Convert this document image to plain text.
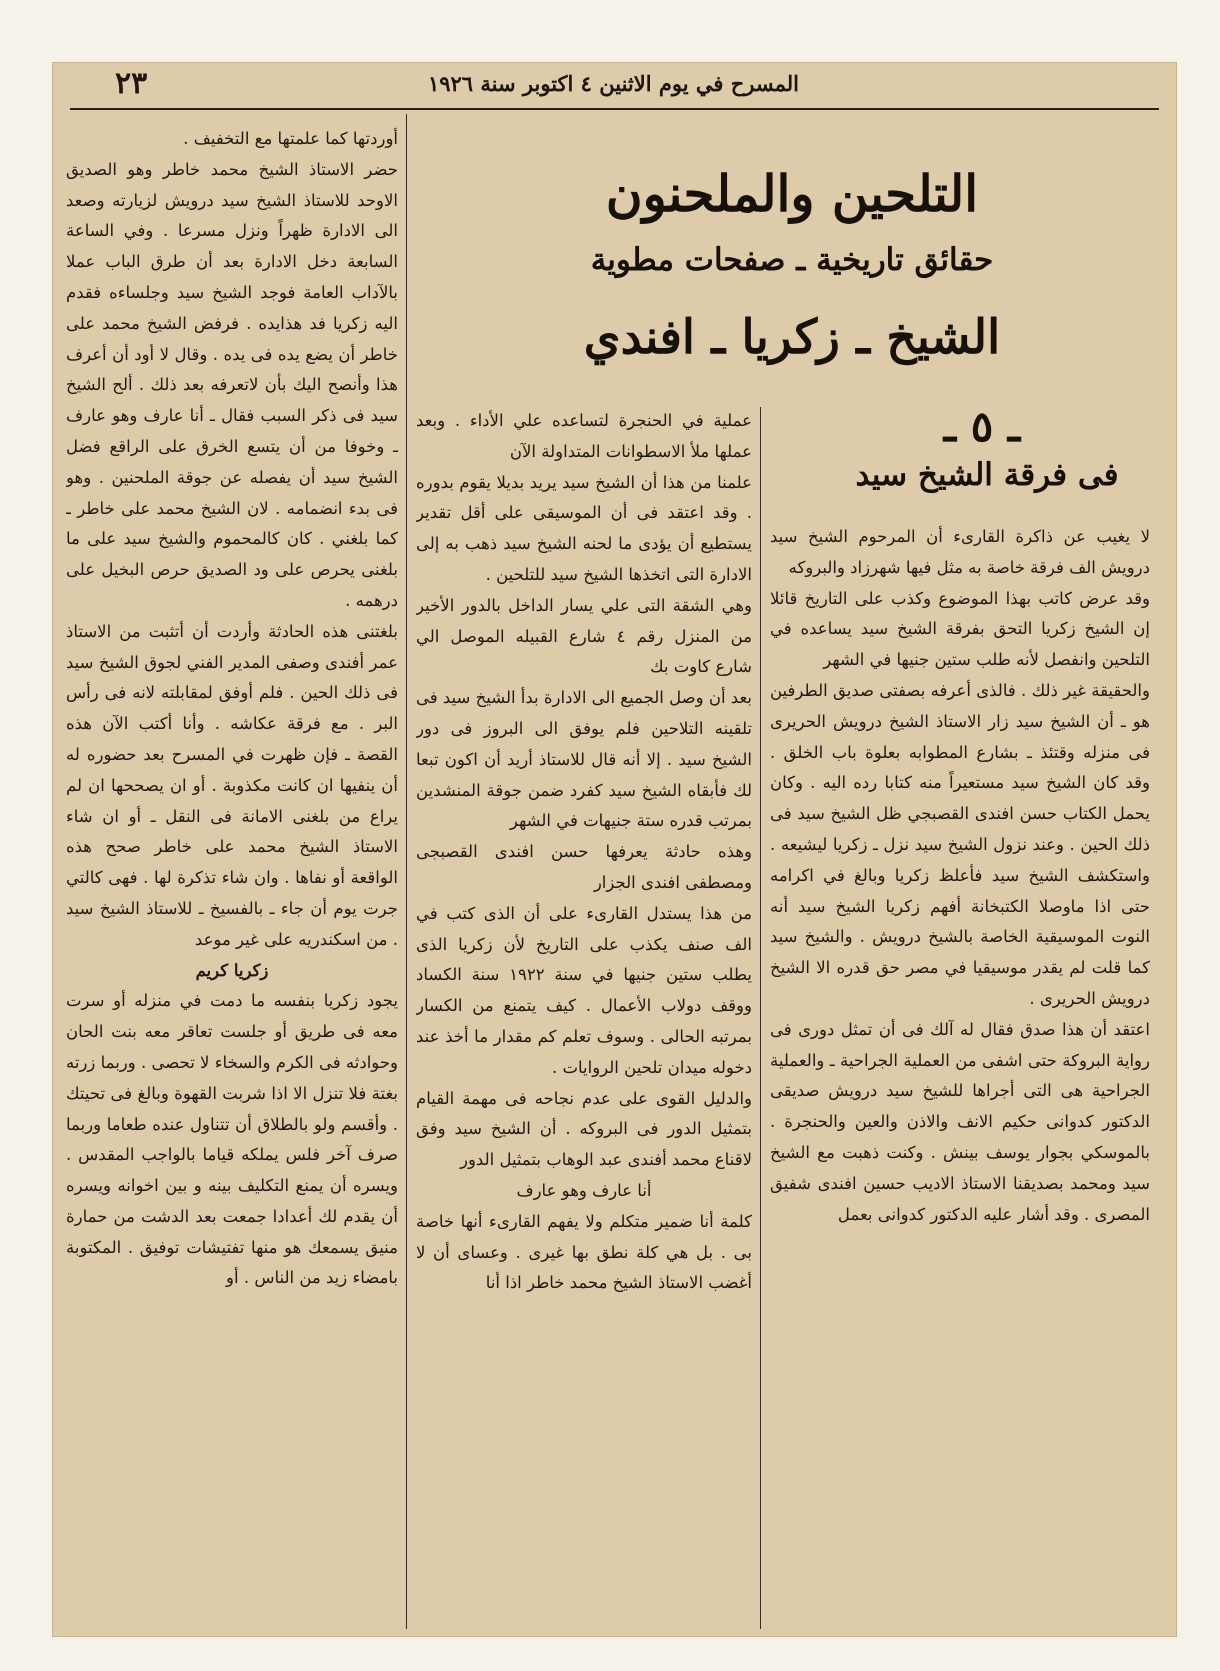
المسرح في يوم الاثنين ٤ اكتوبر سنة ١٩٢٦
٢٣
التلحين والملحنون
حقائق تاريخية ـ صفحات مطوية
الشيخ ـ زكريا ـ افندي
ـ ٥ ـ
فى فرقة الشيخ سيد

لا يغيب عن ذاكرة القارىء أن المرحوم الشيخ سيد درويش الف فرقة خاصة به مثل فيها شهرزاد والبروكه

وقد عرض كاتب بهذا الموضوع وكذب على التاريخ قائلا إن الشيخ زكريا التحق بفرقة الشيخ سيد يساعده في التلحين وانفصل لأنه طلب ستين جنيها في الشهر

والحقيقة غير ذلك . فالذى أعرفه بصفتى صديق الطرفين هو ـ أن الشيخ سيد زار الاستاذ الشيخ درويش الحريرى فى منزله وقتئذ ـ بشارع المطوابه بعلوة باب الخلق . وقد كان الشيخ سيد مستعيراً منه كتابا رده اليه . وكان يحمل الكتاب حسن افندى القصبجي ظل الشيخ سيد فى ذلك الحين . وعند نزول الشيخ سيد نزل ـ زكريا ليشيعه . واستكشف الشيخ سيد فأعلظ زكريا وبالغ في اكرامه حتى اذا ماوصلا الكتبخانة أفهم زكريا الشيخ سيد أنه النوت الموسيقية الخاصة بالشيخ درويش . والشيخ سيد كما قلت لم يقدر موسيقيا في مصر حق قدره الا الشيخ درويش الحريرى .

اعتقد أن هذا صدق فقال له آلك فى أن تمثل دورى فى رواية البروكة حتى اشفى من العملية الجراحية ـ والعملية الجراحية هى التى أجراها للشيخ سيد درويش صديقى الدكتور كدوانى حكيم الانف والاذن والعين والحنجرة . بالموسكي بجوار يوسف بينش . وكنت ذهبت مع الشيخ سيد ومحمد بصديقنا الاستاذ الاديب حسين افندى شفيق المصرى . وقد أشار عليه الدكتور كدوانى بعمل

عملية في الحنجرة لتساعده علي الأداء . وبعد عملها ملأ الاسطوانات المتداولة الآن

علمنا من هذا أن الشيخ سيد يريد بديلا يقوم بدوره . وقد اعتقد فى أن الموسيقى على أقل تقدير يستطيع أن يؤدى ما لحنه الشيخ سيد ذهب به إلى الادارة التى اتخذها الشيخ سيد للتلحين .

وهي الشقة التى علي يسار الداخل بالدور الأخير من المنزل رقم ٤ شارع القبيله الموصل الي شارع كاوت بك

بعد أن وصل الجميع الى الادارة بدأ الشيخ سيد فى تلقينه التلاحين فلم يوفق الى البروز فى دور الشيخ سيد . إلا أنه قال للاستاذ أريد أن اكون تبعا لك فأبقاه الشيخ سيد كفرد ضمن جوقة المنشدين بمرتب قدره ستة جنيهات في الشهر

وهذه حادثة يعرفها حسن افندى القصبجى ومصطفى افندى الجزار

من هذا يستدل القارىء على أن الذى كتب في الف صنف يكذب على التاريخ لأن زكريا الذى يطلب ستين جنيها في سنة ١٩٢٢ سنة الكساد ووقف دولاب الأعمال . كيف يتمنع من الكسار بمرتبه الحالى . وسوف تعلم كم مقدار ما أخذ عند دخوله ميدان تلحين الروايات .

والدليل القوى على عدم نجاحه فى مهمة القيام بتمثيل الدور فى البروكه . أن الشيخ سيد وفق لاقناع محمد أفندى عبد الوهاب بتمثيل الدور

أنا عارف وهو عارف

كلمة أنا ضمير متكلم ولا يفهم القارىء أنها خاصة بى . بل هي كلة نطق بها غيرى . وعساى أن لا أغضب الاستاذ الشيخ محمد خاطر اذا أنا

أوردتها كما علمتها مع التخفيف .

حضر الاستاذ الشيخ محمد خاطر وهو الصديق الاوحد للاستاذ الشيخ سيد درويش لزيارته وصعد الى الادارة ظهراً ونزل مسرعا . وفي الساعة السابعة دخل الادارة بعد أن طرق الباب عملا بالآداب العامة فوجد الشيخ سيد وجلساءه فقدم اليه زكريا فد هذايده . فرفض الشيخ محمد على خاطر أن يضع يده فى يده . وقال لا أود أن أعرف هذا وأنصح اليك بأن لاتعرفه بعد ذلك . ألح الشيخ سيد فى ذكر السبب فقال ـ أنا عارف وهو عارف ـ وخوفا من أن يتسع الخرق على الراقع فضل الشيخ سيد أن يفصله عن جوقة الملحنين . وهو فى بدء انضمامه . لان الشيخ محمد على خاطر ـ كما بلغني . كان كالمحموم والشيخ سيد على ما بلغنى يحرص على ود الصديق حرص البخيل على درهمه .

بلغتنى هذه الحادثة وأردت أن أتثبت من الاستاذ عمر أفندى وصفى المدير الفني لجوق الشيخ سيد فى ذلك الحين . فلم أوفق لمقابلته لانه فى رأس البر . مع فرقة عكاشه . وأنا أكتب الآن هذه القصة ـ فإن ظهرت في المسرح بعد حضوره له أن ينفيها ان كانت مكذوبة . أو ان يصححها ان لم يراع من بلغنى الامانة فى النقل ـ أو ان شاء الاستاذ الشيخ محمد على خاطر صحح هذه الواقعة أو نفاها . وان شاء تذكرة لها . فهى كالتي جرت يوم أن جاء ـ بالفسيخ ـ للاستاذ الشيخ سيد . من اسكندريه على غير موعد

زكريا كريم

يجود زكريا بنفسه ما دمت في منزله أو سرت معه فى طريق أو جلست تعاقر معه بنت الحان وحوادثه فى الكرم والسخاء لا تحصى . وربما زرته بغتة فلا تنزل الا اذا شربت القهوة وبالغ فى تحيتك . وأقسم ولو بالطلاق أن تتناول عنده طعاما وربما صرف آخر فلس يملكه قياما بالواجب المقدس . ويسره أن يمنع التكليف بينه و بين اخوانه ويسره أن يقدم لك أعدادا جمعت بعد الدشت من حمارة منيق يسمعك هو منها تفتيشات توفيق . المكتوبة بامضاء زيد من الناس . أو
